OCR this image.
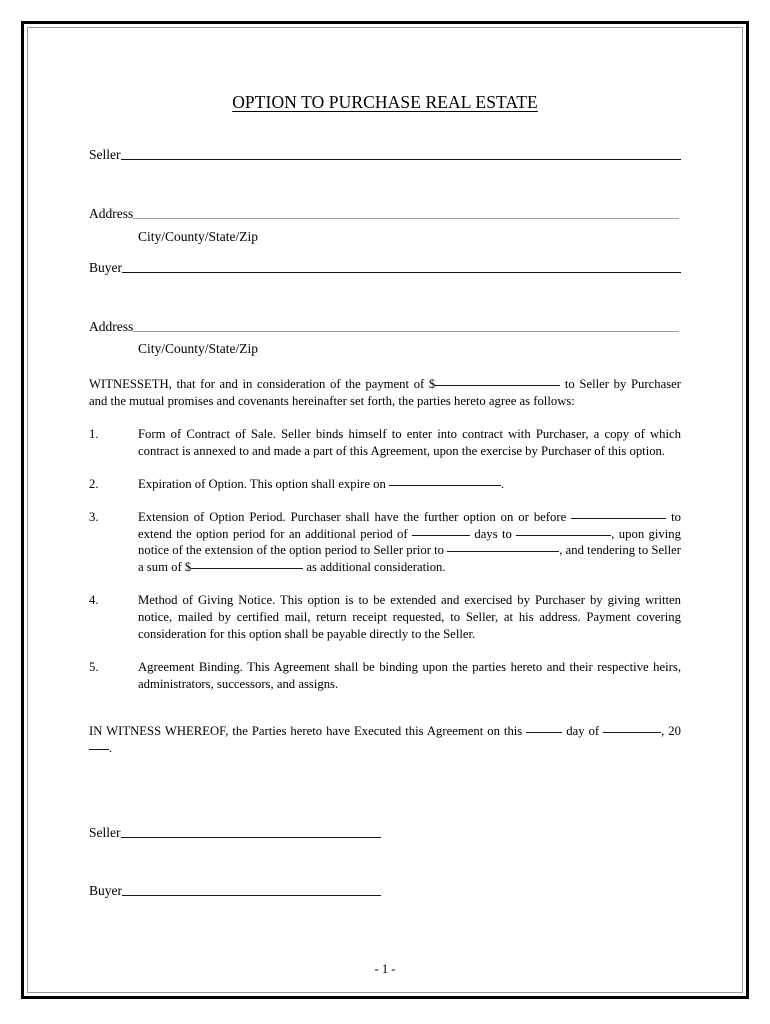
OPTION TO PURCHASE REAL ESTATE
Seller
Address
City/County/State/Zip
Buyer
Address
City/County/State/Zip
WITNESSETH, that for and in consideration of the payment of $	to Seller by Purchaser and the mutual promises and covenants hereinafter set forth, the parties hereto agree as follows:
1.	Form of Contract of Sale. Seller binds himself to enter into contract with Purchaser, a copy of which contract is annexed to and made a part of this Agreement, upon the exercise by Purchaser of this option.
2.	Expiration of Option. This option shall expire on	.
3.	Extension of Option Period. Purchaser shall have the further option on or before	to extend the option period for an additional period of	days to	, upon giving notice of the extension of the option period to Seller prior to	, and tendering to Seller a sum of $	as additional consideration.
4.	Method of Giving Notice. This option is to be extended and exercised by Purchaser by giving written notice, mailed by certified mail, return receipt requested, to Seller, at his address. Payment covering consideration for this option shall be payable directly to the Seller.
5.	Agreement Binding. This Agreement shall be binding upon the parties hereto and their respective heirs, administrators, successors, and assigns.
IN WITNESS WHEREOF, the Parties hereto have Executed this Agreement on this	day of	, 20.
Seller
Buyer
- 1 -
